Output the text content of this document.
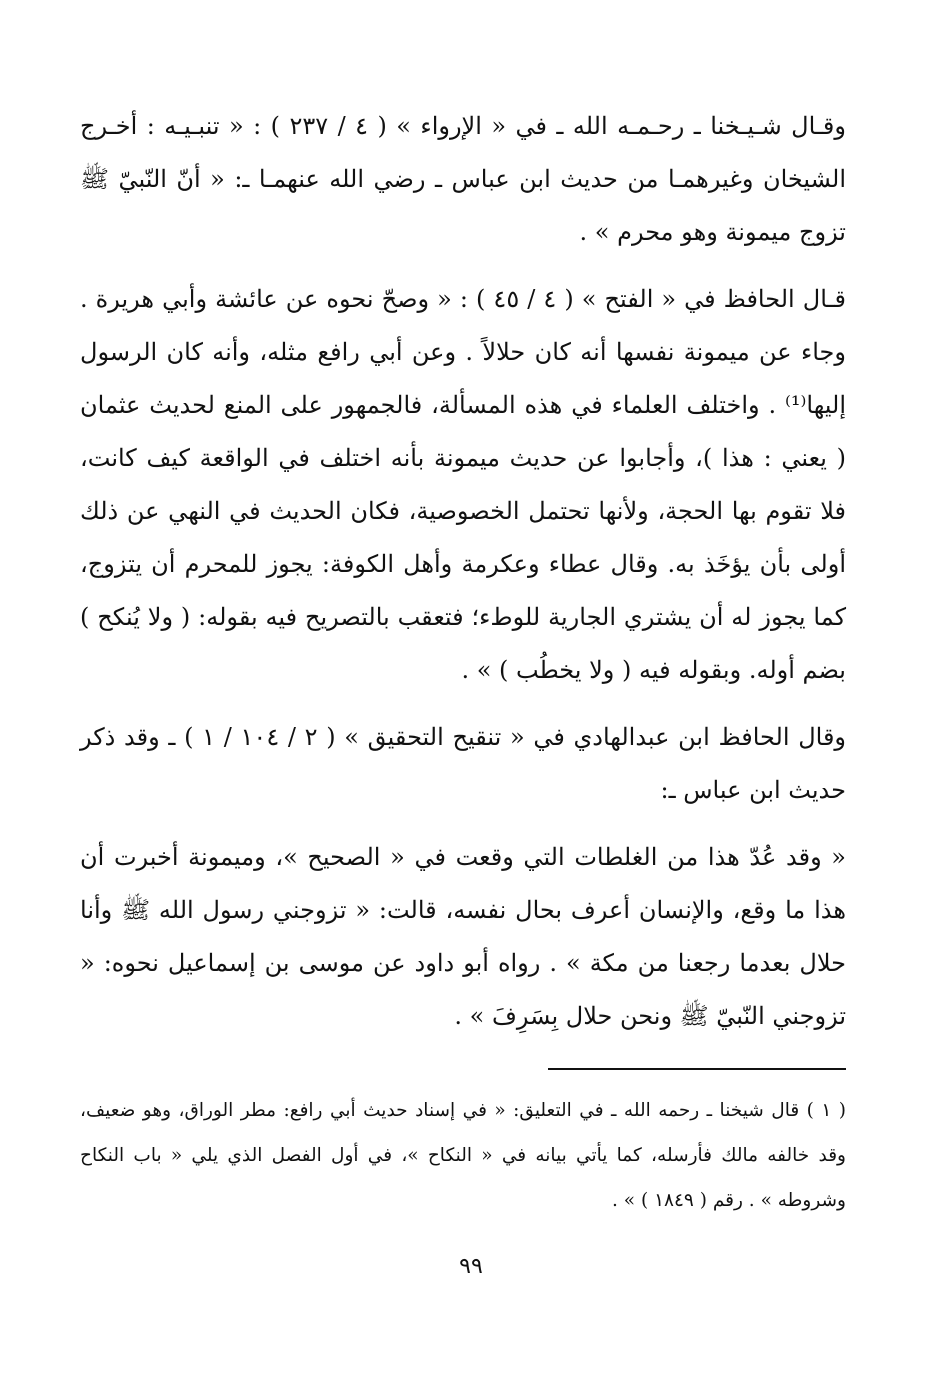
وقـال شـيـخنا ـ رحـمـه الله ـ في « الإرواء » ( ٤ / ٢٣٧ ) : « تنبـيـه : أخـرج الشيخان وغيرهمـا من حديث ابن عباس ـ رضي الله عنهمـا ـ: « أنّ النّبيّ ﷺ تزوج ميمونة وهو محرم » .

قـال الحافظ في « الفتح » ( ٤ / ٤٥ ) : « وصحّ نحوه عن عائشة وأبي هريرة . وجاء عن ميمونة نفسها أنه كان حلالاً . وعن أبي رافع مثله، وأنه كان الرسول إليها⁽¹⁾ . واختلف العلماء في هذه المسألة، فالجمهور على المنع لحديث عثمان ( يعني : هذا )، وأجابوا عن حديث ميمونة بأنه اختلف في الواقعة كيف كانت، فلا تقوم بها الحجة، ولأنها تحتمل الخصوصية، فكان الحديث في النهي عن ذلك أولى بأن يؤخَذ به. وقال عطاء وعكرمة وأهل الكوفة: يجوز للمحرم أن يتزوج، كما يجوز له أن يشتري الجارية للوطء؛ فتعقب بالتصريح فيه بقوله: ( ولا يُنكح ) بضم أوله. وبقوله فيه ( ولا يخطُب ) » .

وقال الحافظ ابن عبدالهادي في « تنقيح التحقيق » ( ٢ / ١٠٤ / ١ ) ـ وقد ذكر حديث ابن عباس ـ:

« وقد عُدّ هذا من الغلطات التي وقعت في « الصحيح »، وميمونة أخبرت أن هذا ما وقع، والإنسان أعرف بحال نفسه، قالت: « تزوجني رسول الله ﷺ وأنا حلال بعدما رجعنا من مكة » . رواه أبو داود عن موسى بن إسماعيل نحوه: « تزوجني النّبيّ ﷺ ونحن حلال بِسَرِفَ » .

( ١ ) قال شيخنا ـ رحمه الله ـ في التعليق: « في إسناد حديث أبي رافع: مطر الوراق، وهو ضعيف، وقد خالفه مالك فأرسله، كما يأتي بيانه في « النكاح »، في أول الفصل الذي يلي « باب النكاح وشروطه » . رقم ( ١٨٤٩ ) » .

٩٩
